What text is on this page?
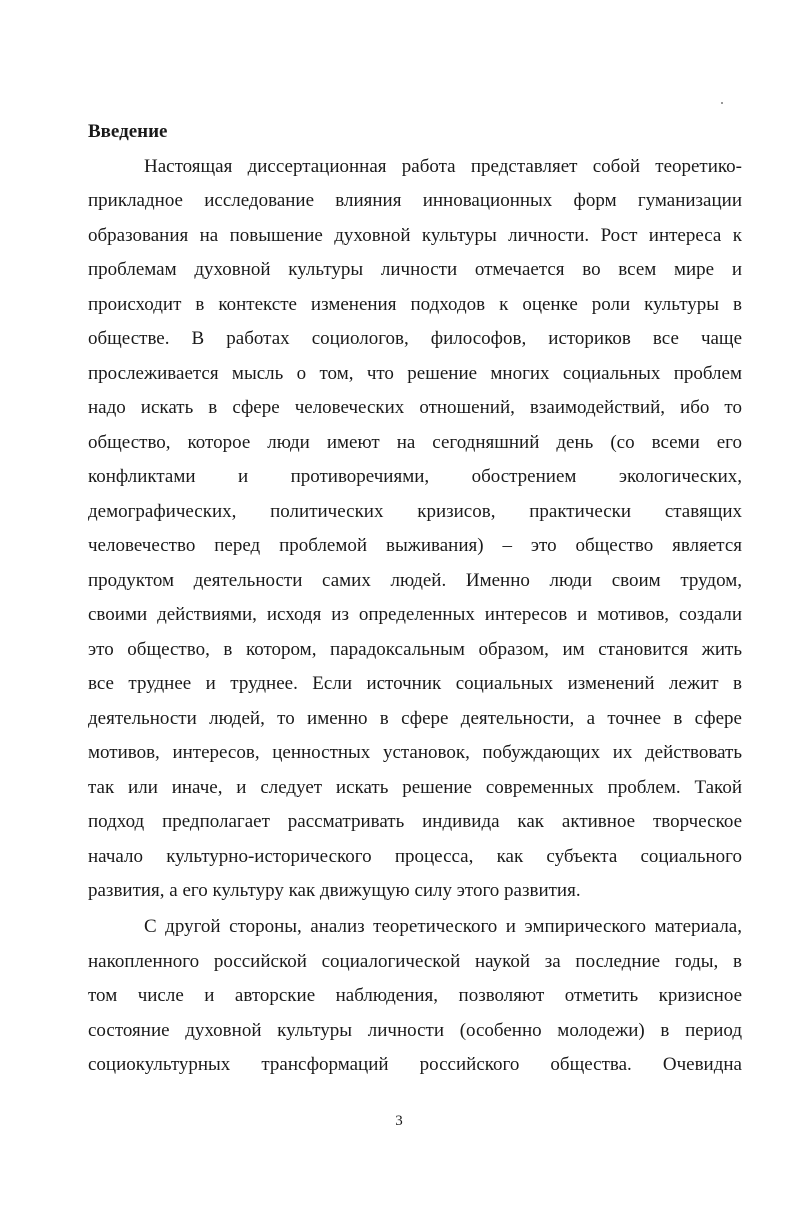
Введение
Настоящая диссертационная работа представляет собой теоретико-
прикладное исследование влияния инновационных форм гуманизации
образования на повышение духовной культуры личности. Рост интереса к
проблемам духовной культуры личности отмечается во всем мире и
происходит в контексте изменения подходов к оценке роли культуры в
обществе. В работах социологов, философов, историков все чаще
прослеживается мысль о том, что решение многих социальных проблем
надо искать в сфере человеческих отношений, взаимодействий, ибо то
общество, которое люди имеют на сегодняшний день (со всеми его
конфликтами и противоречиями, обострением экологических,
демографических, политических кризисов, практически ставящих
человечество перед проблемой выживания) – это общество является
продуктом деятельности самих людей. Именно люди своим трудом,
своими действиями, исходя из определенных интересов и мотивов, создали
это общество, в котором, парадоксальным образом, им становится жить
все труднее и труднее. Если источник социальных изменений лежит в
деятельности людей, то именно в сфере деятельности, а точнее в сфере
мотивов, интересов, ценностных установок, побуждающих их действовать
так или иначе, и следует искать решение современных проблем. Такой
подход предполагает рассматривать индивида как активное творческое
начало культурно-исторического процесса, как субъекта социального
развития, а его культуру как движущую силу этого развития.
С другой стороны, анализ теоретического и эмпирического материала,
накопленного российской социалогической наукой за последние годы, в
том числе и авторские наблюдения, позволяют отметить кризисное
состояние духовной культуры личности (особенно молодежи) в период
социокультурных трансформаций российского общества. Очевидна
3
